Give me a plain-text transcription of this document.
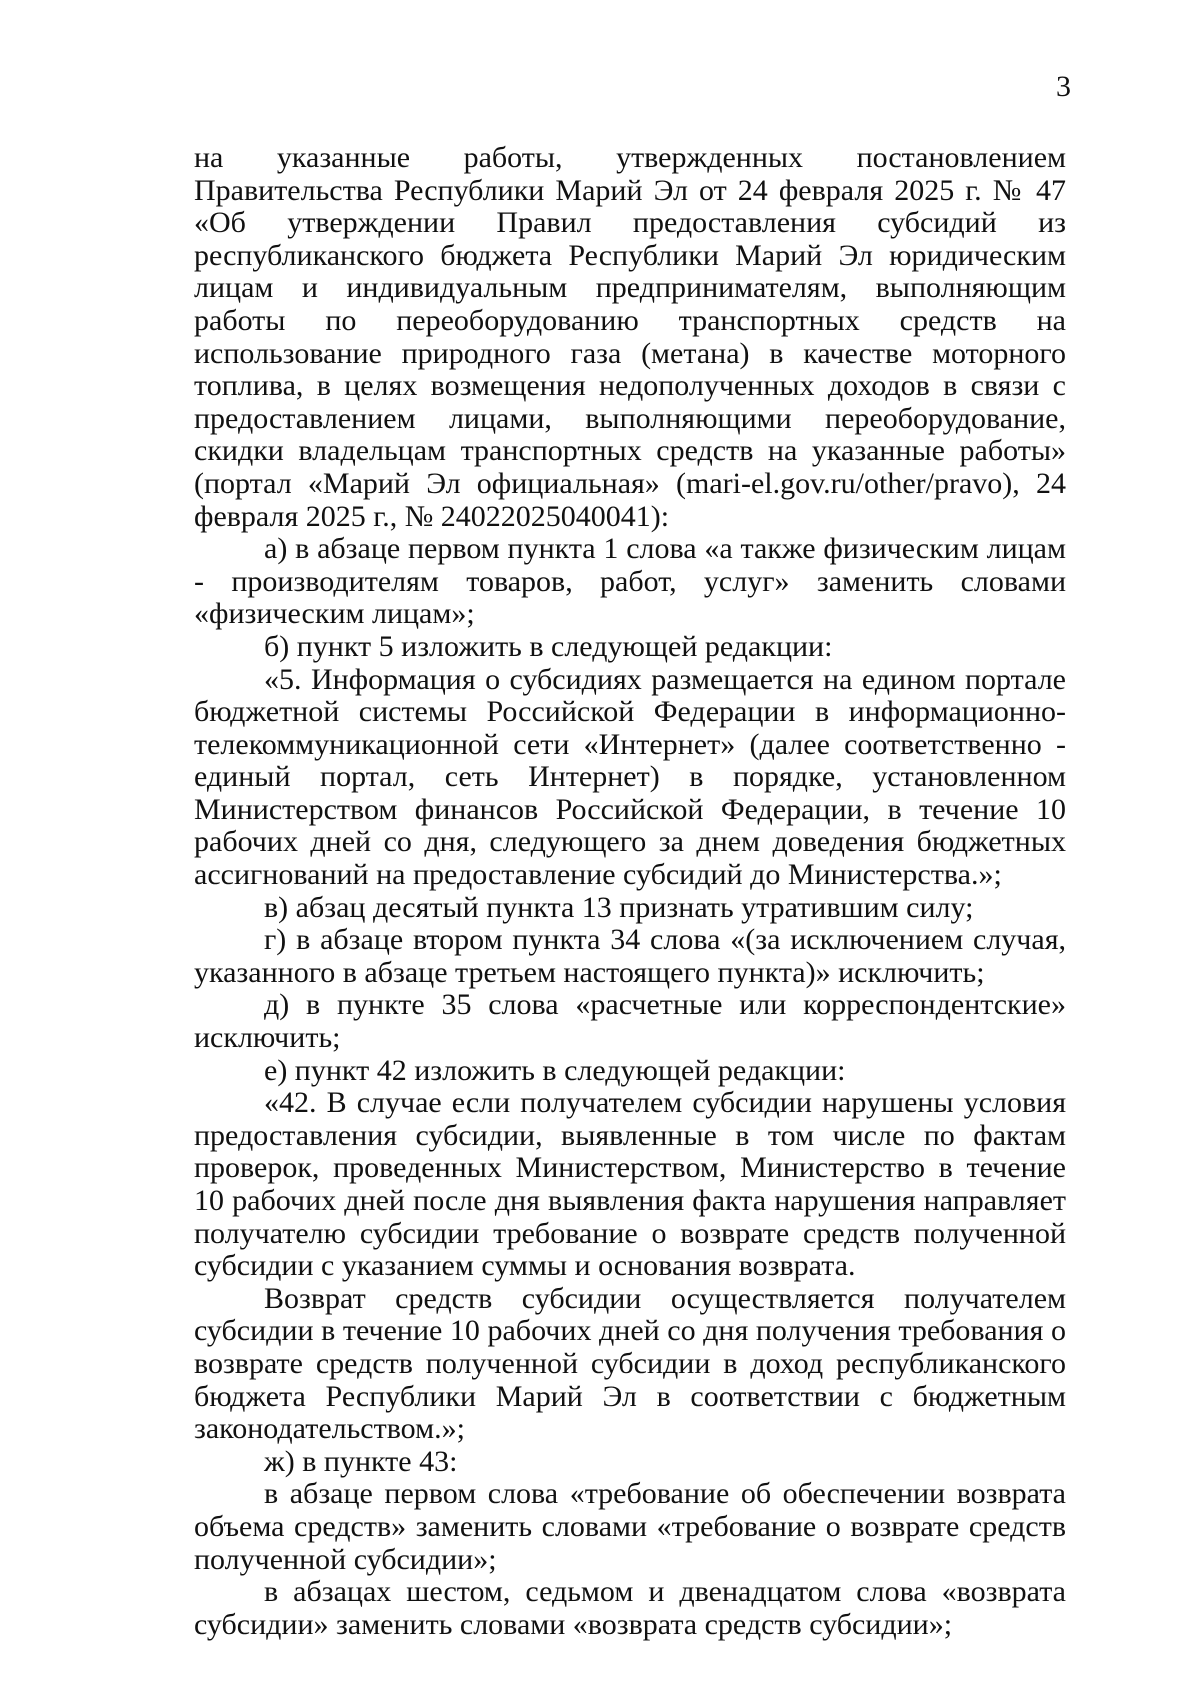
3

на указанные работы, утвержденных постановлением Правительства Республики Марий Эл от 24 февраля 2025 г. № 47 «Об утверждении Правил предоставления субсидий из республиканского бюджета Республики Марий Эл юридическим лицам и индивидуальным предпринимателям, выполняющим работы по переоборудованию транспортных средств на использование природного газа (метана) в качестве моторного топлива, в целях возмещения недополученных доходов в связи с предоставлением лицами, выполняющими переоборудование, скидки владельцам транспортных средств на указанные работы» (портал «Марий Эл официальная» (mari-el.gov.ru/other/pravo), 24 февраля 2025 г., № 24022025040041):

а) в абзаце первом пункта 1 слова «а также физическим лицам - производителям товаров, работ, услуг» заменить словами «физическим лицам»;

б) пункт 5 изложить в следующей редакции:

«5. Информация о субсидиях размещается на едином портале бюджетной системы Российской Федерации в информационно-телекоммуникационной сети «Интернет» (далее соответственно - единый портал, сеть Интернет) в порядке, установленном Министерством финансов Российской Федерации, в течение 10 рабочих дней со дня, следующего за днем доведения бюджетных ассигнований на предоставление субсидий до Министерства.»;

в) абзац десятый пункта 13 признать утратившим силу;

г) в абзаце втором пункта 34 слова «(за исключением случая, указанного в абзаце третьем настоящего пункта)» исключить;

д) в пункте 35 слова «расчетные или корреспондентские» исключить;

е) пункт 42 изложить в следующей редакции:

«42. В случае если получателем субсидии нарушены условия предоставления субсидии, выявленные в том числе по фактам проверок, проведенных Министерством, Министерство в течение 10 рабочих дней после дня выявления факта нарушения направляет получателю субсидии требование о возврате средств полученной субсидии с указанием суммы и основания возврата.

Возврат средств субсидии осуществляется получателем субсидии в течение 10 рабочих дней со дня получения требования о возврате средств полученной субсидии в доход республиканского бюджета Республики Марий Эл в соответствии с бюджетным законодательством.»;

ж) в пункте 43:

в абзаце первом слова «требование об обеспечении возврата объема средств» заменить словами «требование о возврате средств полученной субсидии»;

в абзацах шестом, седьмом и двенадцатом слова «возврата субсидии» заменить словами «возврата средств субсидии»;
